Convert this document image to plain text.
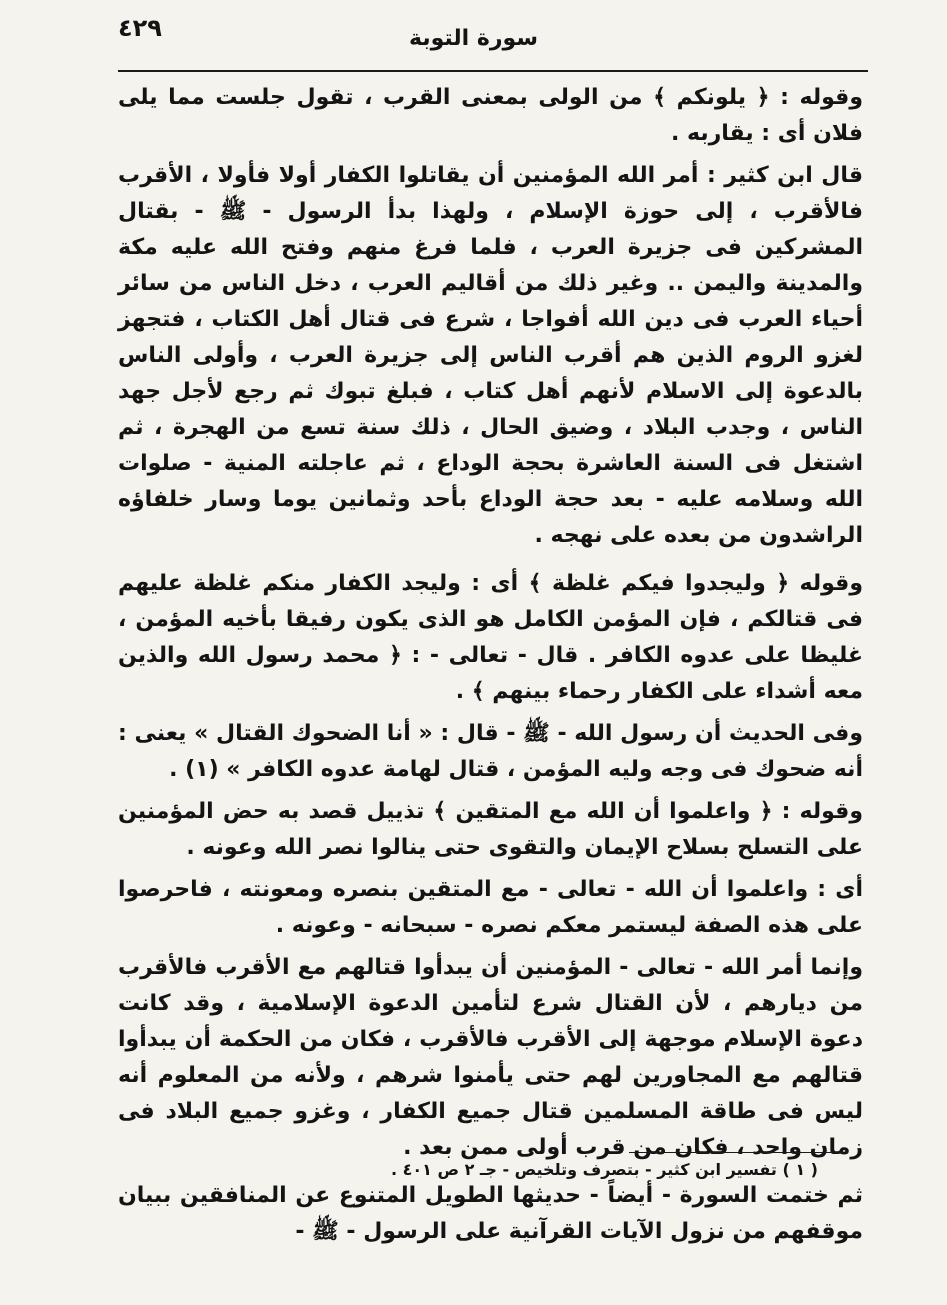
٤٢٩	سورة التوبة

وقوله : ﴿ يلونكم ﴾ من الولى بمعنى القرب ، تقول جلست مما يلى فلان أى : يقاربه .

قال ابن كثير : أمر الله المؤمنين أن يقاتلوا الكفار أولا فأولا ، الأقرب فالأقرب ، إلى حوزة الإسلام ، ولهذا بدأ الرسول - ﷺ - بقتال المشركين فى جزيرة العرب ، فلما فرغ منهم وفتح الله عليه مكة والمدينة واليمن .. وغير ذلك من أقاليم العرب ، دخل الناس من سائر أحياء العرب فى دين الله أفواجا ، شرع فى قتال أهل الكتاب ، فتجهز لغزو الروم الذين هم أقرب الناس إلى جزيرة العرب ، وأولى الناس بالدعوة إلى الاسلام لأنهم أهل كتاب ، فبلغ تبوك ثم رجع لأجل جهد الناس ، وجدب البلاد ، وضيق الحال ، ذلك سنة تسع من الهجرة ، ثم اشتغل فى السنة العاشرة بحجة الوداع ، ثم عاجلته المنية - صلوات الله وسلامه عليه - بعد حجة الوداع بأحد وثمانين يوما وسار خلفاؤه الراشدون من بعده على نهجه .

وقوله ﴿ وليجدوا فيكم غلظة ﴾ أى : وليجد الكفار منكم غلظة عليهم فى قتالكم ، فإن المؤمن الكامل هو الذى يكون رفيقا بأخيه المؤمن ، غليظا على عدوه الكافر . قال - تعالى - : ﴿ محمد رسول الله والذين معه أشداء على الكفار رحماء بينهم ﴾ .

وفى الحديث أن رسول الله - ﷺ - قال : « أنا الضحوك القتال » يعنى : أنه ضحوك فى وجه وليه المؤمن ، قتال لهامة عدوه الكافر » (١) .

وقوله : ﴿ واعلموا أن الله مع المتقين ﴾ تذييل قصد به حض المؤمنين على التسلح بسلاح الإيمان والتقوى حتى ينالوا نصر الله وعونه .

أى : واعلموا أن الله - تعالى - مع المتقين بنصره ومعونته ، فاحرصوا على هذه الصفة ليستمر معكم نصره - سبحانه - وعونه .

وإنما أمر الله - تعالى - المؤمنين أن يبدأوا قتالهم مع الأقرب فالأقرب من ديارهم ، لأن القتال شرع لتأمين الدعوة الإسلامية ، وقد كانت دعوة الإسلام موجهة إلى الأقرب فالأقرب ، فكان من الحكمة أن يبدأوا قتالهم مع المجاورين لهم حتى يأمنوا شرهم ، ولأنه من المعلوم أنه ليس فى طاقة المسلمين قتال جميع الكفار ، وغزو جميع البلاد فى زمان واحد ، فكان من قرب أولى ممن بعد .

ثم ختمت السورة - أيضاً - حديثها الطويل المتنوع عن المنافقين ببيان موقفهم من نزول الآيات القرآنية على الرسول - ﷺ -

( ١ ) تفسير ابن كثير - بتصرف وتلخيص - جـ ٢ ص ٤٠١ .
